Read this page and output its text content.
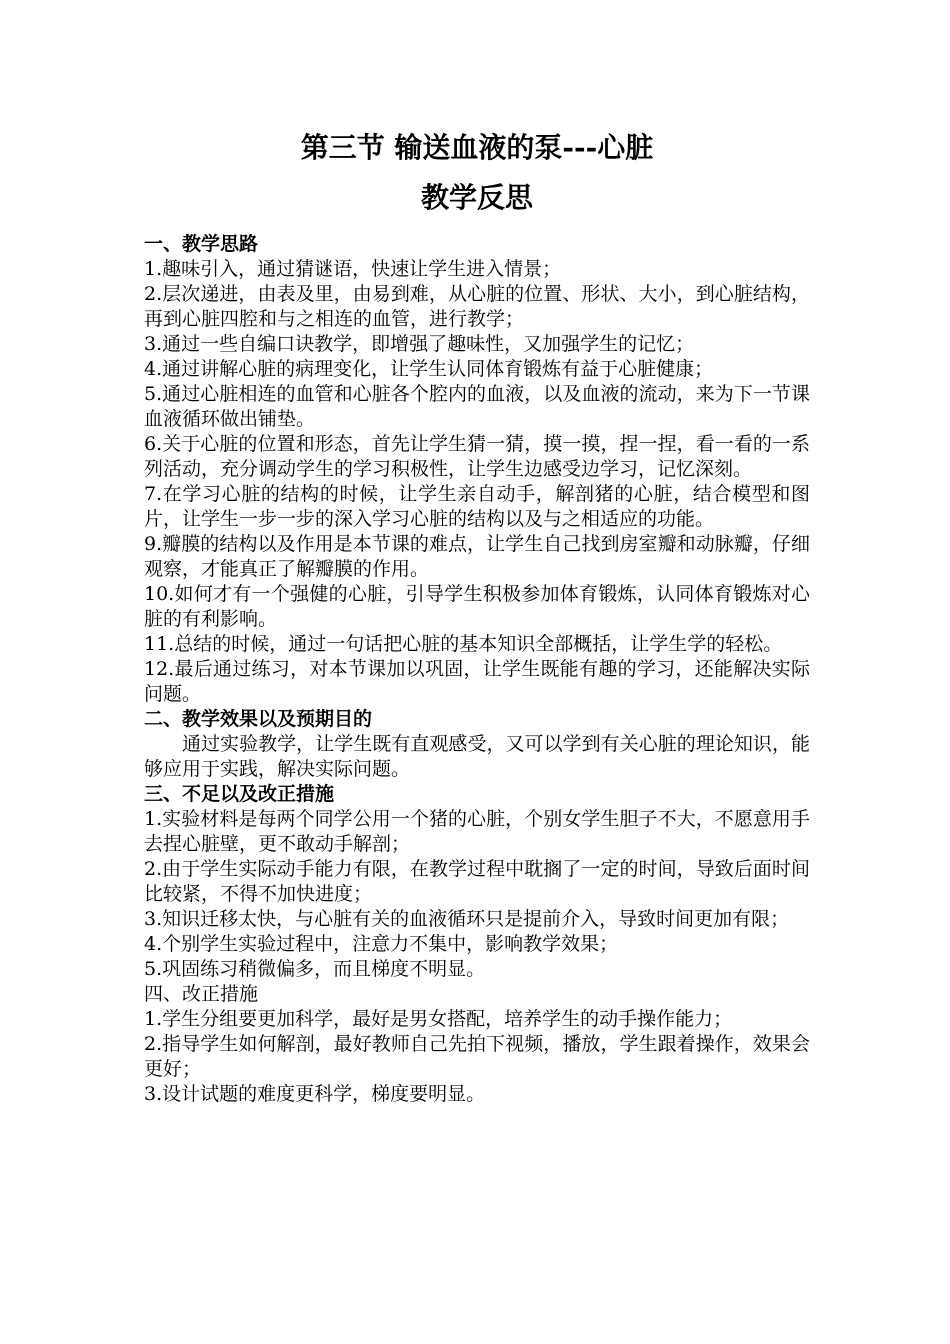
第三节 输送血液的泵---心脏
教学反思
一、教学思路

1.趣味引入，通过猜谜语，快速让学生进入情景；

2.层次递进，由表及里，由易到难，从心脏的位置、形状、大小，到心脏结构，再到心脏四腔和与之相连的血管，进行教学；

3.通过一些自编口诀教学，即增强了趣味性，又加强学生的记忆；

4.通过讲解心脏的病理变化，让学生认同体育锻炼有益于心脏健康；

5.通过心脏相连的血管和心脏各个腔内的血液，以及血液的流动，来为下一节课血液循环做出铺垫。

6.关于心脏的位置和形态，首先让学生猜一猜，摸一摸，捏一捏，看一看的一系列活动，充分调动学生的学习积极性，让学生边感受边学习，记忆深刻。

7.在学习心脏的结构的时候，让学生亲自动手，解剖猪的心脏，结合模型和图片，让学生一步一步的深入学习心脏的结构以及与之相适应的功能。

9.瓣膜的结构以及作用是本节课的难点，让学生自己找到房室瓣和动脉瓣，仔细观察，才能真正了解瓣膜的作用。

10.如何才有一个强健的心脏，引导学生积极参加体育锻炼，认同体育锻炼对心脏的有利影响。

11.总结的时候，通过一句话把心脏的基本知识全部概括，让学生学的轻松。

12.最后通过练习，对本节课加以巩固，让学生既能有趣的学习，还能解决实际问题。

二、教学效果以及预期目的

通过实验教学，让学生既有直观感受，又可以学到有关心脏的理论知识，能够应用于实践，解决实际问题。

三、不足以及改正措施

1.实验材料是每两个同学公用一个猪的心脏，个别女学生胆子不大，不愿意用手去捏心脏壁，更不敢动手解剖；

2.由于学生实际动手能力有限，在教学过程中耽搁了一定的时间，导致后面时间比较紧，不得不加快进度；

3.知识迁移太快，与心脏有关的血液循环只是提前介入，导致时间更加有限；

4.个别学生实验过程中，注意力不集中，影响教学效果；

5.巩固练习稍微偏多，而且梯度不明显。

四、改正措施

1.学生分组要更加科学，最好是男女搭配，培养学生的动手操作能力；

2.指导学生如何解剖，最好教师自己先拍下视频，播放，学生跟着操作，效果会更好；

3.设计试题的难度更科学，梯度要明显。
